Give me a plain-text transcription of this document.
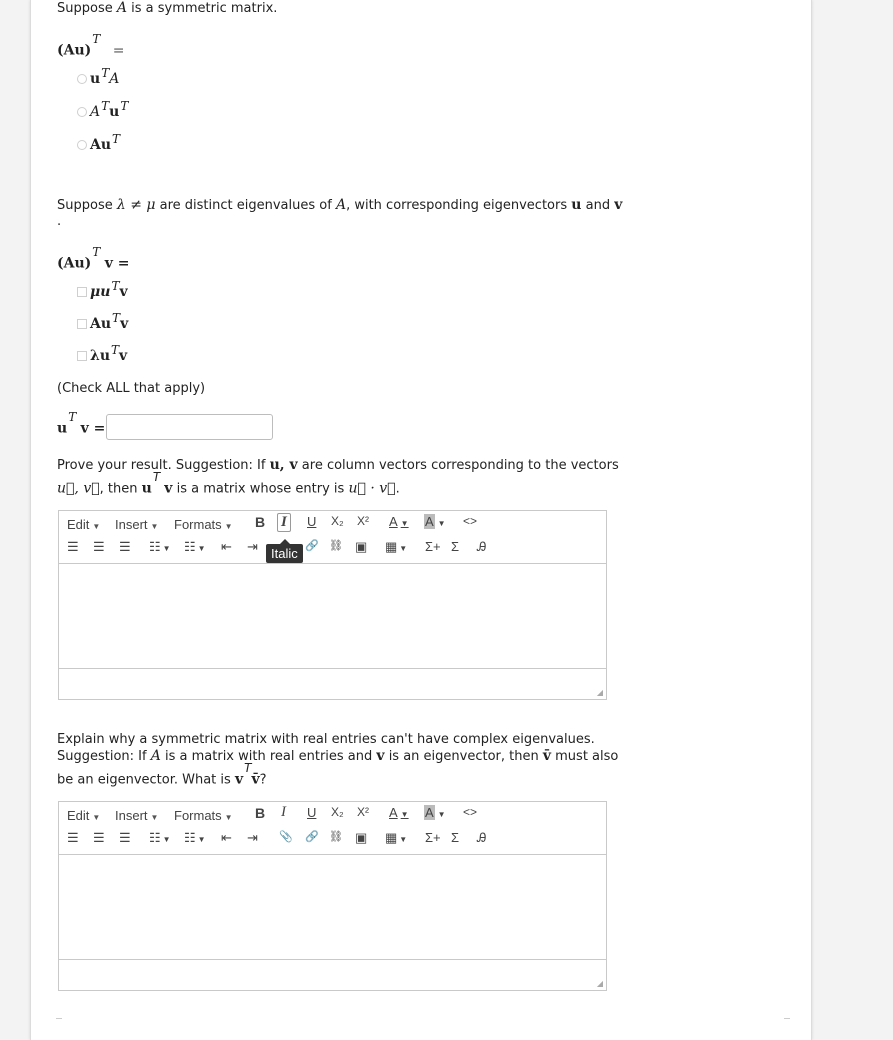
Suppose A is a symmetric matrix.
$(Au)^T$ =
$u^T$ A
$A^T$ $u^T$
$Au^T$
Suppose λ ≠ μ are distinct eigenvalues of A, with corresponding eigenvectors u and v
.
$(Au)^T$ v =
$\mu u^T$ v
$Au^T$ v
$\lambda u^T$ v
(Check ALL that apply)
$u^T$ v =
Prove your result. Suggestion: If u, v are column vectors corresponding to the vectors
u⃗, v⃗, then $u^T$ v is a matrix whose entry is u⃗ · v⃗.
Edit ▼ Insert ▼ Formats ▼ B I	U X₂ X² A ▼ A ▼ <>
☰ ☰ ☰ ☷ ▼ ☷ ▼ ⇤ ⇥	🔗 ⛓ ▣ ▦ ▼ Σ+ Σ Ꭿ
Italic
◢
Explain why a symmetric matrix with real entries can't have complex eigenvalues.
Suggestion: If A is a matrix with real entries and v is an eigenvector, then v̄ must also
be an eigenvector. What is $v^Tv̄$?
Edit ▼ Insert ▼ Formats ▼ B I U X₂ X² A ▼ A ▼ <>
☰ ☰ ☰ ☷ ▼ ☷ ▼ ⇤ ⇥ 📎 🔗 ⛓ ▣ ▦ ▼ Σ+ Σ Ꭿ
◢
